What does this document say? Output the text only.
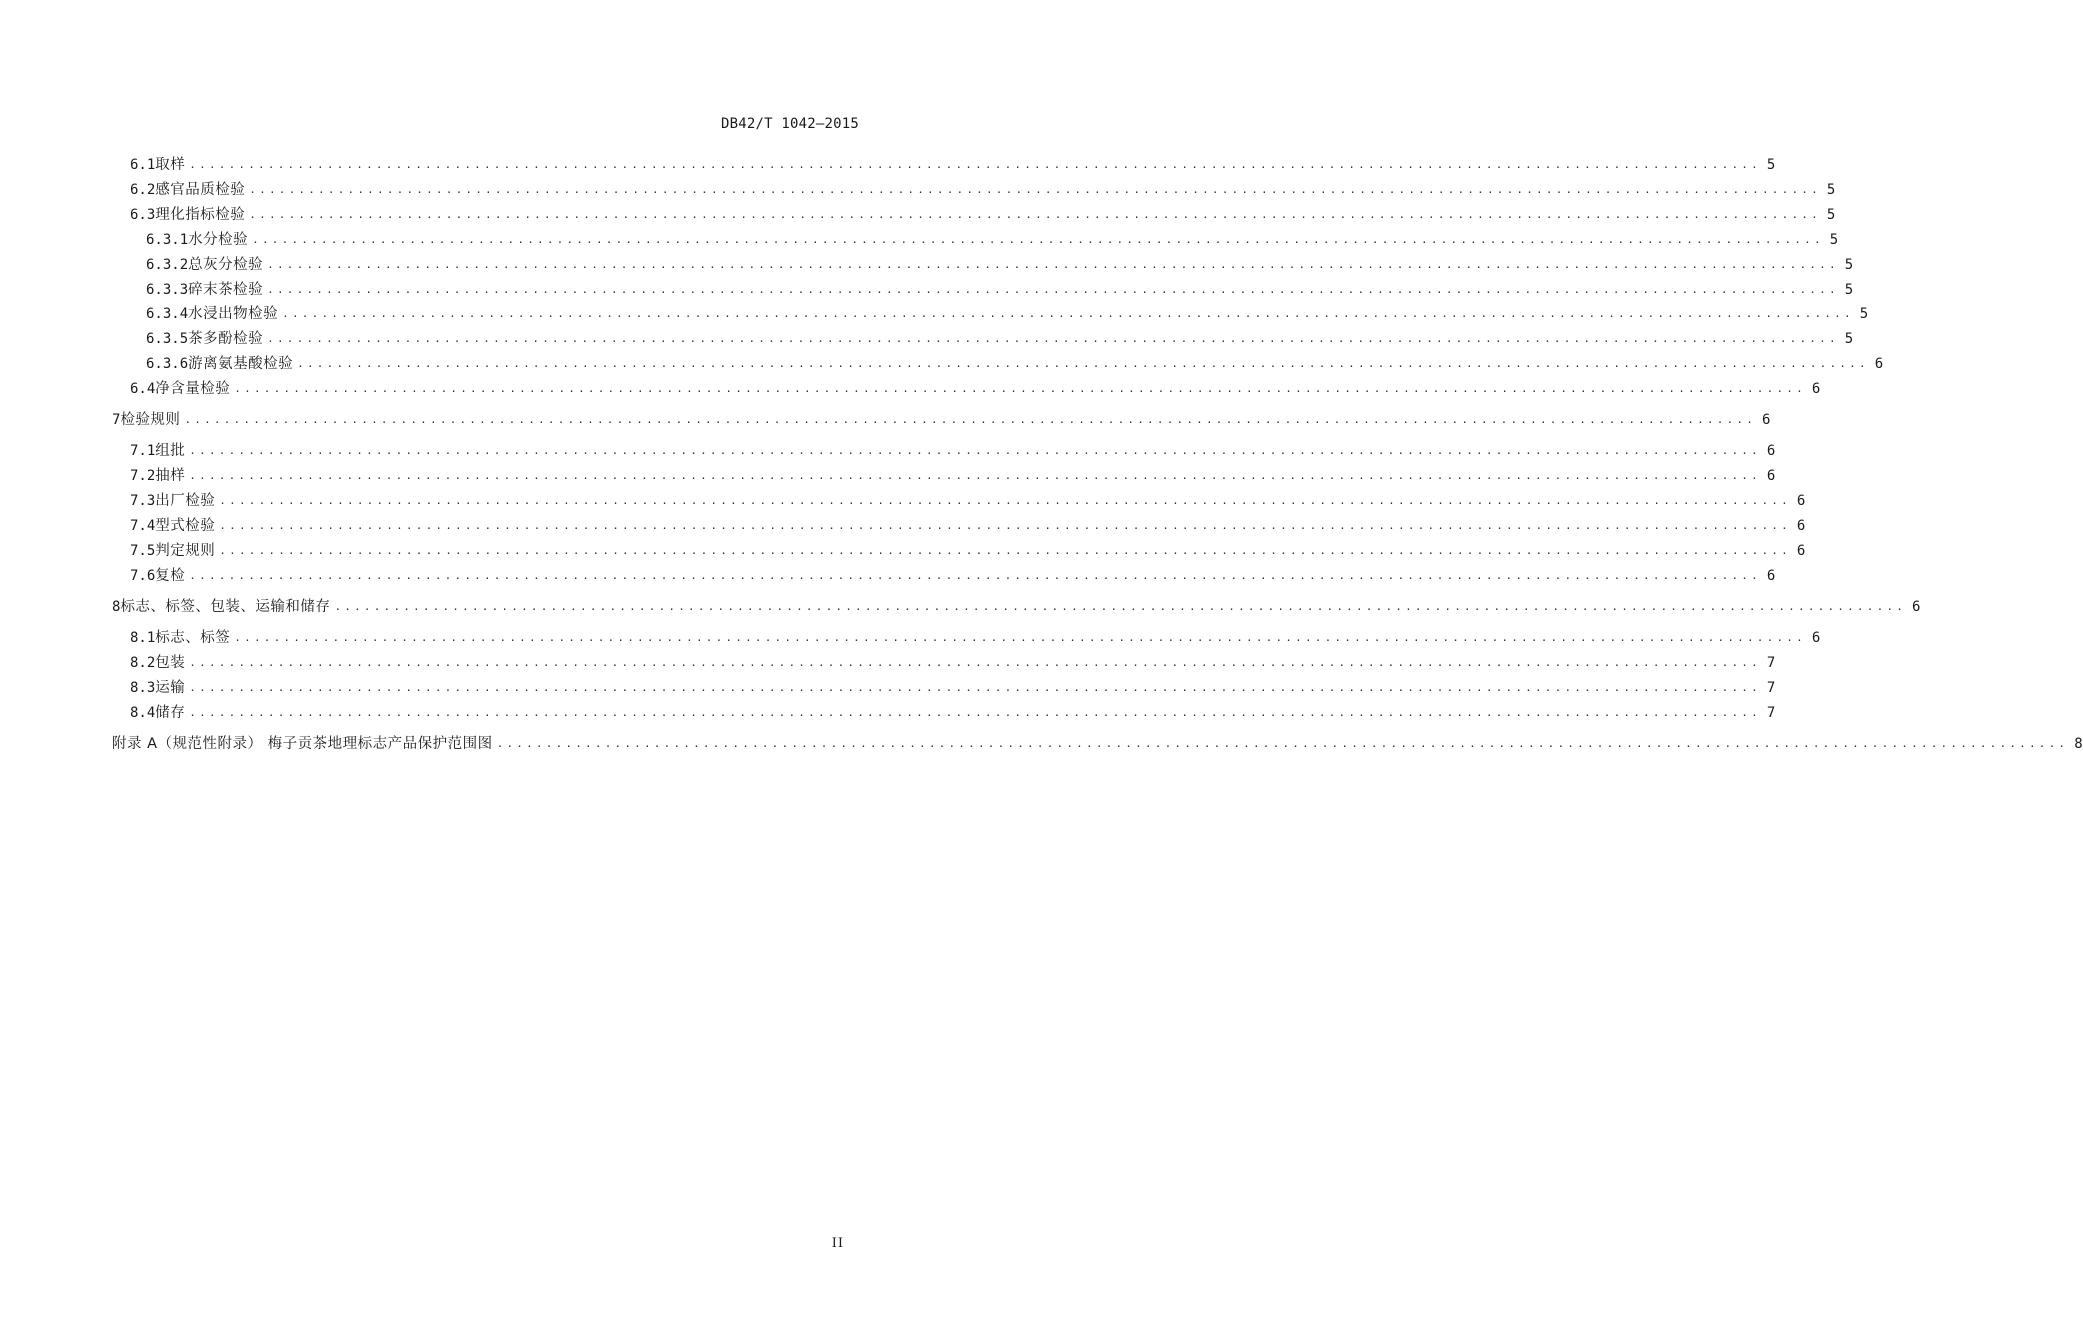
DB42/T 1042—2015
6.1 取样 .....	5
6.2 感官品质检验 .....	5
6.3 理化指标检验 .....	5
6.3.1 水分检验 .....	5
6.3.2 总灰分检验 .....	5
6.3.3 碎末茶检验 .....	5
6.3.4 水浸出物检验 .....	5
6.3.5 茶多酚检验 .....	5
6.3.6 游离氨基酸检验 .....	6
6.4 净含量检验 .....	6
7 检验规则 .....	6
7.1 组批 .....	6
7.2 抽样 .....	6
7.3 出厂检验 .....	6
7.4 型式检验 .....	6
7.5 判定规则 .....	6
7.6 复检 .....	6
8 标志、标签、包装、运输和储存 .....	6
8.1 标志、标签 .....	6
8.2 包装 .....	7
8.3 运输 .....	7
8.4 储存 .....	7
附录 A（规范性附录） 梅子贡茶地理标志产品保护范围图 .....	8
II
